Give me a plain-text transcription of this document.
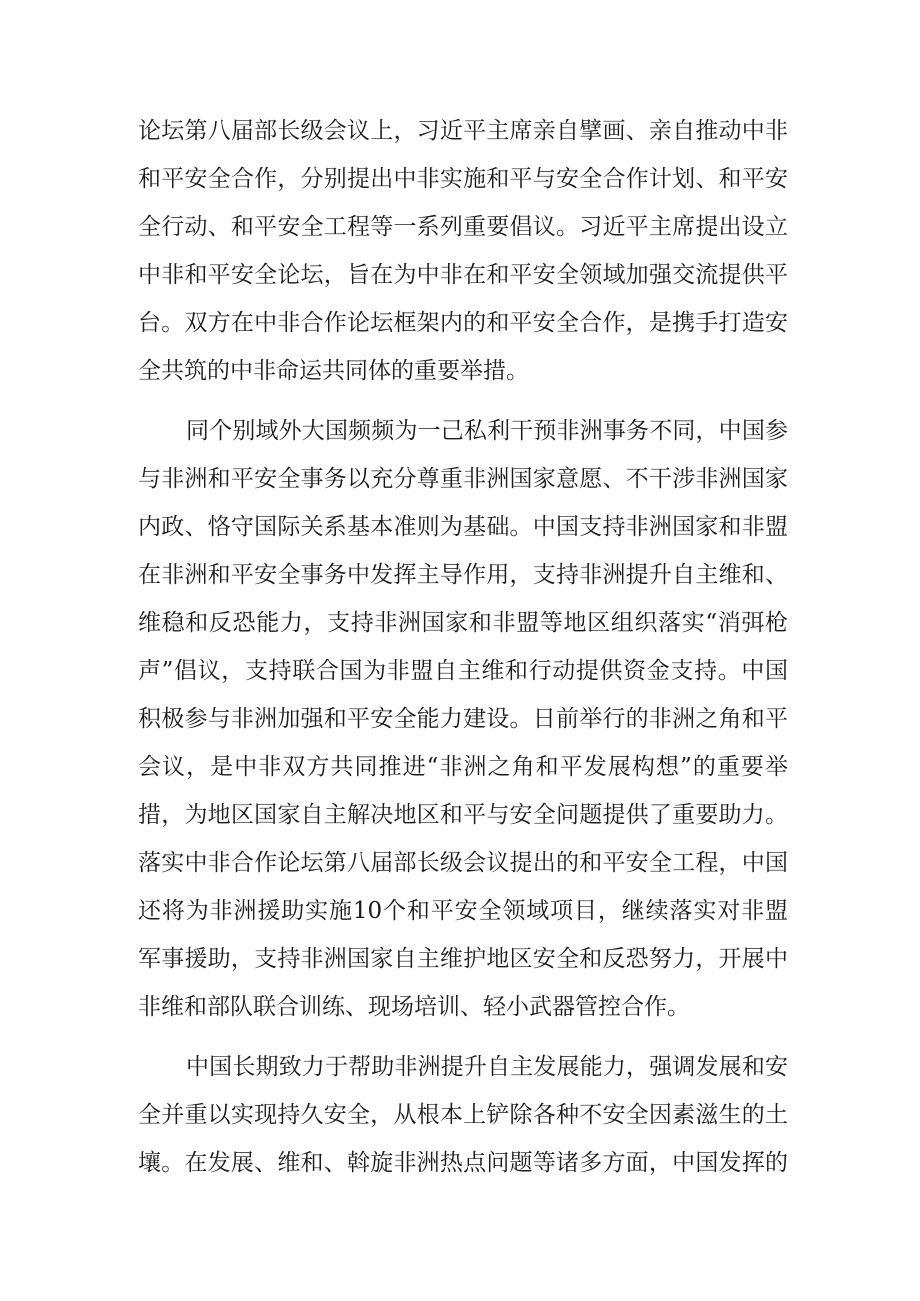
论坛第八届部长级会议上，习近平主席亲自擘画、亲自推动中非
和平安全合作，分别提出中非实施和平与安全合作计划、和平安
全行动、和平安全工程等一系列重要倡议。习近平主席提出设立
中非和平安全论坛，旨在为中非在和平安全领域加强交流提供平
台。双方在中非合作论坛框架内的和平安全合作，是携手打造安
全共筑的中非命运共同体的重要举措。
同个别域外大国频频为一己私利干预非洲事务不同，中国参
与非洲和平安全事务以充分尊重非洲国家意愿、不干涉非洲国家
内政、恪守国际关系基本准则为基础。中国支持非洲国家和非盟
在非洲和平安全事务中发挥主导作用，支持非洲提升自主维和、
维稳和反恐能力，支持非洲国家和非盟等地区组织落实“消弭枪
声”倡议，支持联合国为非盟自主维和行动提供资金支持。中国
积极参与非洲加强和平安全能力建设。日前举行的非洲之角和平
会议，是中非双方共同推进“非洲之角和平发展构想”的重要举
措，为地区国家自主解决地区和平与安全问题提供了重要助力。
落实中非合作论坛第八届部长级会议提出的和平安全工程，中国
还将为非洲援助实施10个和平安全领域项目，继续落实对非盟
军事援助，支持非洲国家自主维护地区安全和反恐努力，开展中
非维和部队联合训练、现场培训、轻小武器管控合作。
中国长期致力于帮助非洲提升自主发展能力，强调发展和安
全并重以实现持久安全，从根本上铲除各种不安全因素滋生的土
壤。在发展、维和、斡旋非洲热点问题等诸多方面，中国发挥的
